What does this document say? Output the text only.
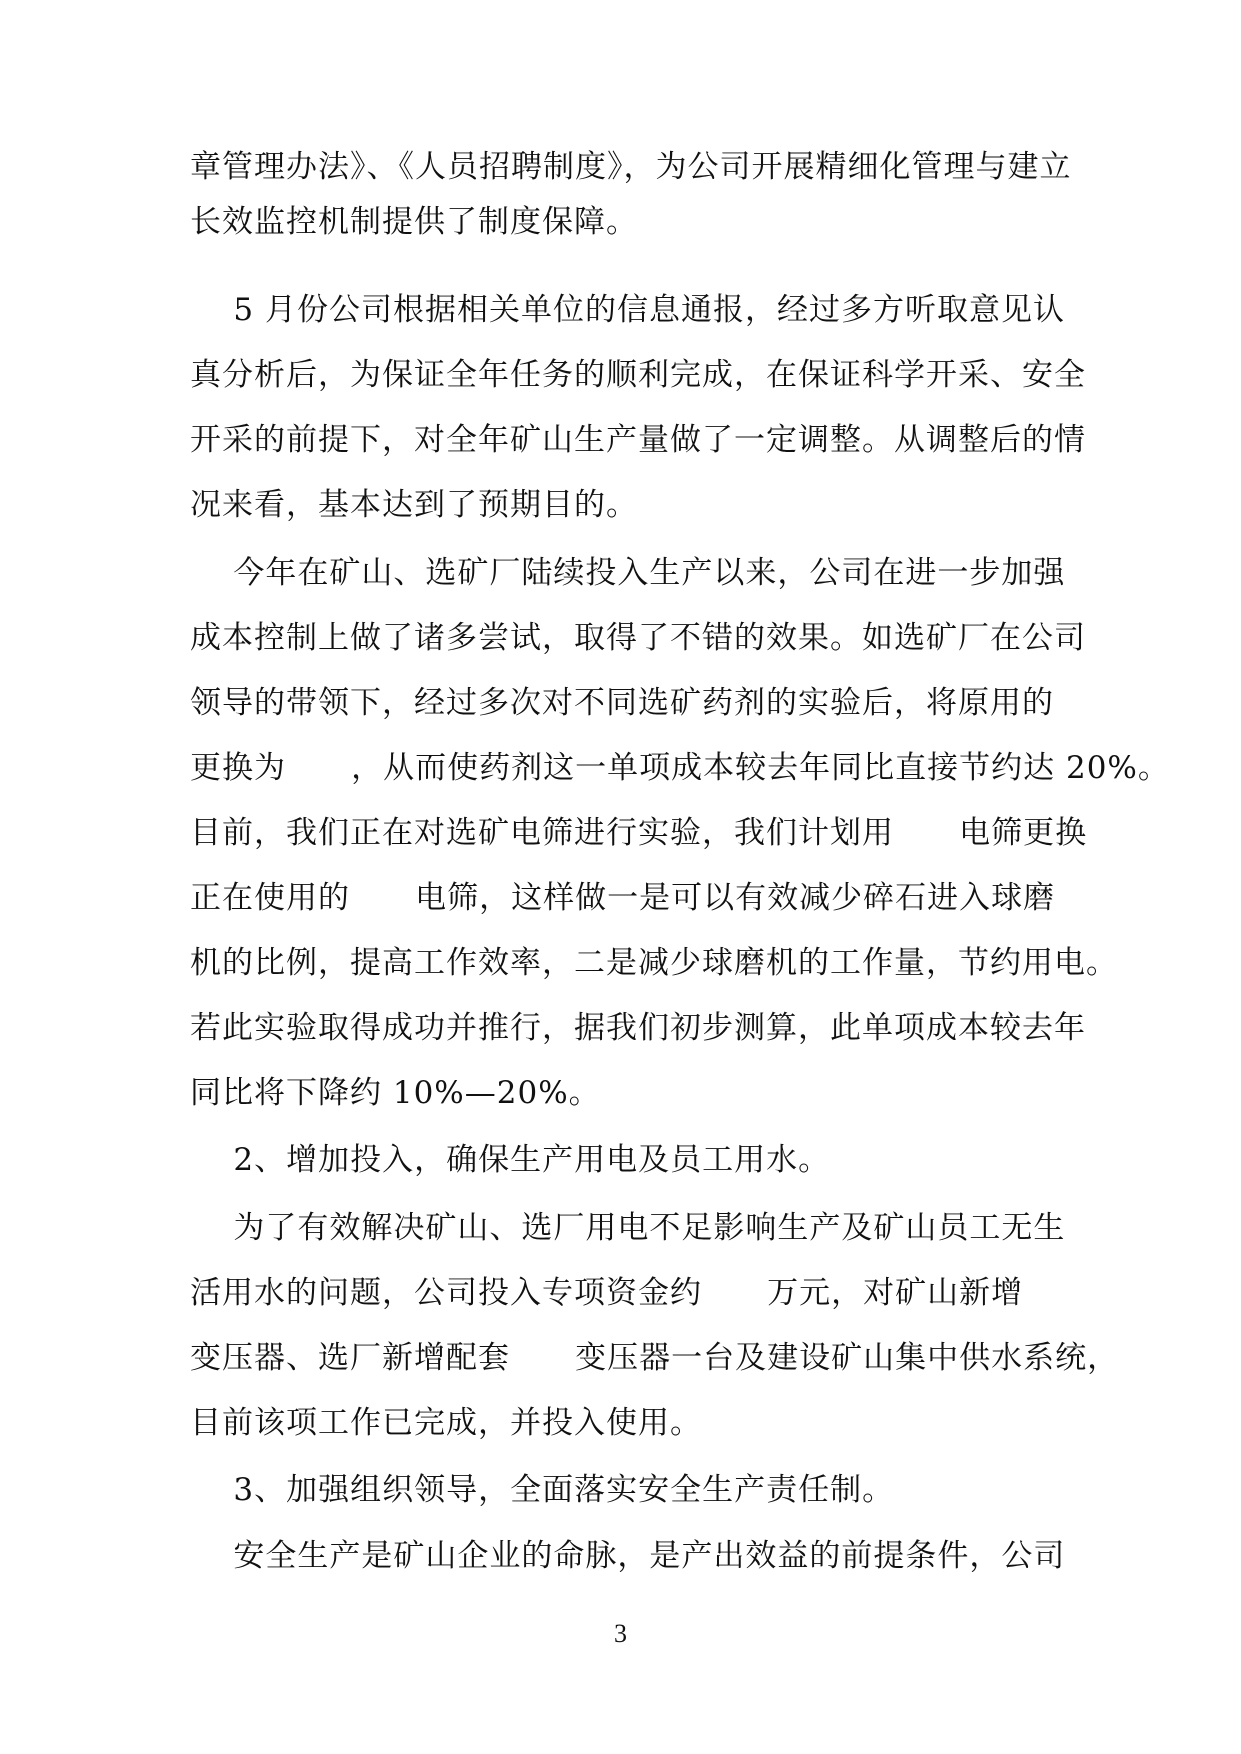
章管理办法》、《人员招聘制度》，为公司开展精细化管理与建立
长效监控机制提供了制度保障。
5 月份公司根据相关单位的信息通报，经过多方听取意见认
真分析后，为保证全年任务的顺利完成，在保证科学开采、安全
开采的前提下，对全年矿山生产量做了一定调整。从调整后的情
况来看，基本达到了预期目的。
今年在矿山、选矿厂陆续投入生产以来，公司在进一步加强
成本控制上做了诸多尝试，取得了不错的效果。如选矿厂在公司
领导的带领下，经过多次对不同选矿药剂的实验后，将原用的
更换为      ，从而使药剂这一单项成本较去年同比直接节约达 20%。
目前，我们正在对选矿电筛进行实验，我们计划用      电筛更换
正在使用的      电筛，这样做一是可以有效减少碎石进入球磨
机的比例，提高工作效率，二是减少球磨机的工作量，节约用电。
若此实验取得成功并推行，据我们初步测算，此单项成本较去年
同比将下降约 10%—20%。
2、增加投入，确保生产用电及员工用水。
为了有效解决矿山、选厂用电不足影响生产及矿山员工无生
活用水的问题，公司投入专项资金约      万元，对矿山新增
变压器、选厂新增配套      变压器一台及建设矿山集中供水系统，
目前该项工作已完成，并投入使用。
3、加强组织领导，全面落实安全生产责任制。
安全生产是矿山企业的命脉，是产出效益的前提条件，公司
3
